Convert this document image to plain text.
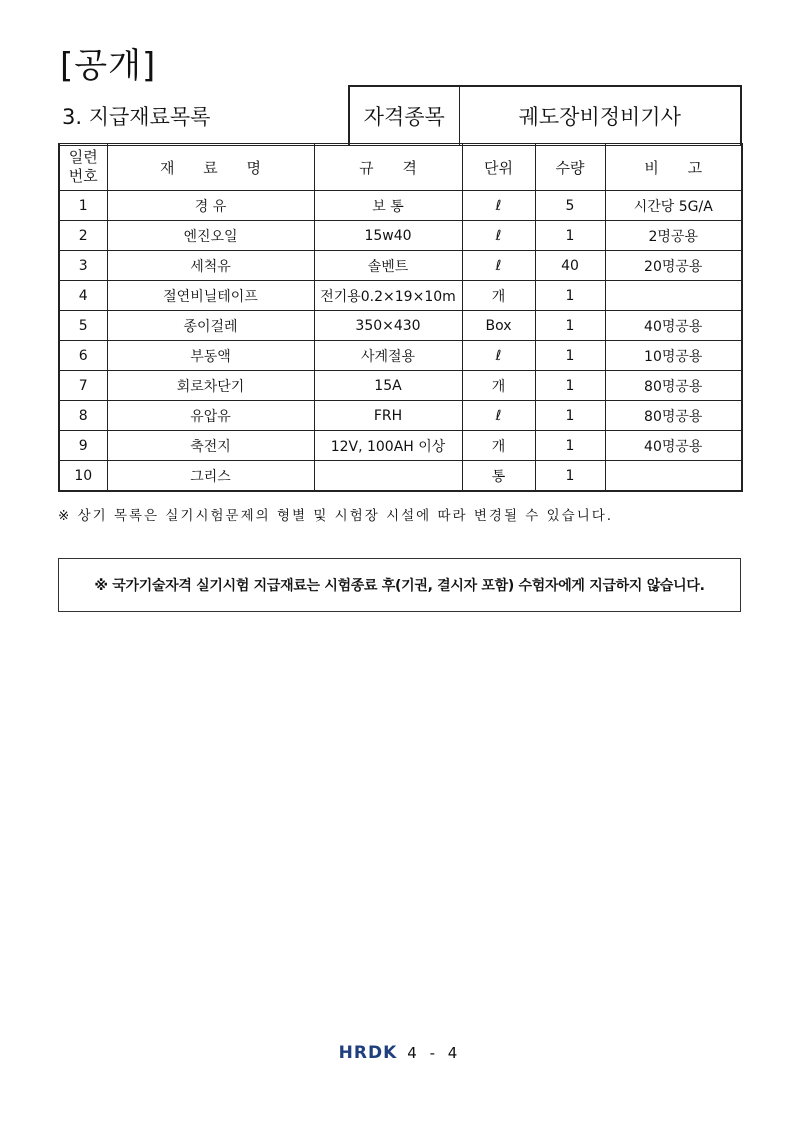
[공개]
3. 지급재료목록	자격종목	궤도장비정비기사
일련
번호	재 료 명	규 격	단위	수량	비 고
1	경 유	보 통	ℓ	5	시간당 5G/A
2	엔진오일	15w40	ℓ	1	2명공용
3	세척유	솔벤트	ℓ	40	20명공용
4	절연비닐테이프	전기용0.2×19×10m	개	1	
5	종이걸레	350×430	Box	1	40명공용
6	부동액	사계절용	ℓ	1	10명공용
7	회로차단기	15A	개	1	80명공용
8	유압유	FRH	ℓ	1	80명공용
9	축전지	12V, 100AH 이상	개	1	40명공용
10	그리스		통	1	

※ 상기 목록은 실기시험문제의 형별 및 시험장 시설에 따라 변경될 수 있습니다.

※ 국가기술자격 실기시험 지급재료는 시험종료 후(기권, 결시자 포함) 수험자에게 지급하지 않습니다.
HRDK 4 - 4
